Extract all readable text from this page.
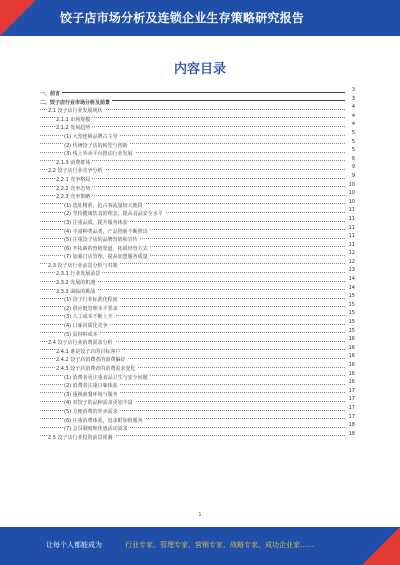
饺子店市场分析及连锁企业生存策略研究报告
内容目录
一、前言
3
二、饺子店行业市场分析及前景
3
2.1 饺子店行业发展现状
4
2.1.1 市场规模
4
2.1.2 发展趋势
4
(1) 大型连锁品牌占主导
5
(2) 传统饺子店的转型与创新
5
(3) 线上外卖平台推动行业发展
5
2.1.3 消费群体
6
2.2 饺子店行业竞争分析
9
2.2.1 竞争格局
9
2.2.2 竞争态势
10
2.2.3 竞争策略
10
(1) 选址精准，抢占客流量较大地段
10
(2) 坚持健康饮食的理念，提高食品安全水平
11
(3) 注重品质，提升服务体验
11
(4) 丰富种类品类，产品创新不断推出
11
(5) 注重饺子店的品牌营销和宣传
11
(6) 开拓新的营销渠道，拓展经营方式
11
(7) 加强门店管理，提高加盟服务质量
12
2.3 饺子店行业前景分析与对策
12
2.3.1 行业发展前景
13
2.3.2 发展的机遇
14
2.3.3 面临的挑战
14
(1) 饺子行业标准化程度
15
(2) 供应链管理水平要求
15
(3) 人工成本不断上升
15
(4) 口味同质化竞争
15
(5) 原材料成本
15
2.4 饺子店行业消费需求分析
16
2.4.1 谁是饺子店的目标客户
16
2.4.2 饺子店消费者的消费偏好
16
2.4.3 饺子店消费者的消费需求变化
16
(1) 消费者更注重食品卫生与安全问题
16
(2) 消费者注重口味体验
16
(3) 重视就餐环境与服务
17
(4) 对饺子的品种需求更加丰富
17
(5) 方便消费的外卖需求
17
(6) 注重消费体验，追求附加值服务
17
(7) 会员制度和优惠活动需求
18
2.5 饺子店行业投资前景预测
18
1
让每个人都能成为	行业专家、管理专家、营销专家、战略专家、成功企业家……
